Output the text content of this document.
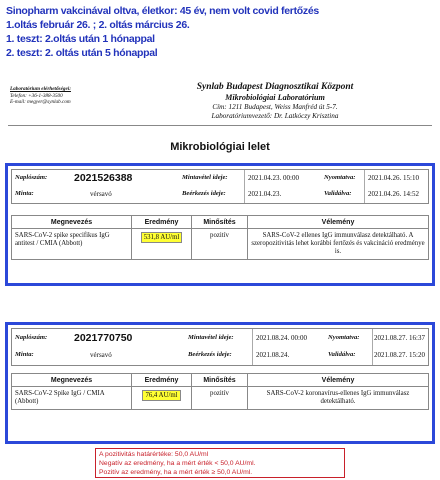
Sinopharm vakcinával oltva, életkor: 45 év, nem volt covid fertőzés
1.oltás február 26. ; 2. oltás március 26.
1. teszt: 2.oltás után 1 hónappal
2. teszt: 2. oltás után 5 hónappal
Laboratórium elérhetőségei:
Telefon: +36-1-388-3500
E-mail: megyer@synlab.com
Synlab Budapest Diagnosztikai Központ
Mikrobiológiai Laboratórium
Cím: 1211 Budapest, Weiss Manfréd út 5-7.
Laboratóriumvezető: Dr. Latkóczy Krisztina
Mikrobiológiai lelet
Naplószám:	2021526388
Minta:	vérsavó
Mintavétel ideje:	2021.04.23. 00:00
Beérkezés ideje:	2021.04.23.
Nyomtatva: 2021.04.26. 15:10
Validálva: 2021.04.26. 14:52
Megnevezés	Eredmény	Minősítés	Vélemény
SARS-CoV-2 spike specifikus IgG antitest / CMIA (Abbott)	531,8 AU/ml	pozitív	SARS-CoV-2 ellenes IgG immunválasz detektálható. A szeropozitivitás lehet korábbi fertőzés és vakcináció eredménye is.
Naplószám:	2021770750
Minta:	vérsavó
Mintavétel ideje:	2021.08.24. 00:00
Beérkezés ideje:	2021.08.24.
Nyomtatva: 2021.08.27. 16:37
Validálva:	2021.08.27. 15:20
Megnevezés	Eredmény	Minősítés	Vélemény
SARS-CoV-2 Spike IgG / CMIA (Abbott)	76,4 AU/ml	pozitív	SARS-CoV-2 koronavírus-ellenes IgG immunválasz detektálható.
A pozitivitás határértéke: 50,0 AU/ml
Negatív az eredmény, ha a mért érték < 50,0 AU/ml.
Pozitív az eredmény, ha a mért érték ≥ 50,0 AU/ml.
